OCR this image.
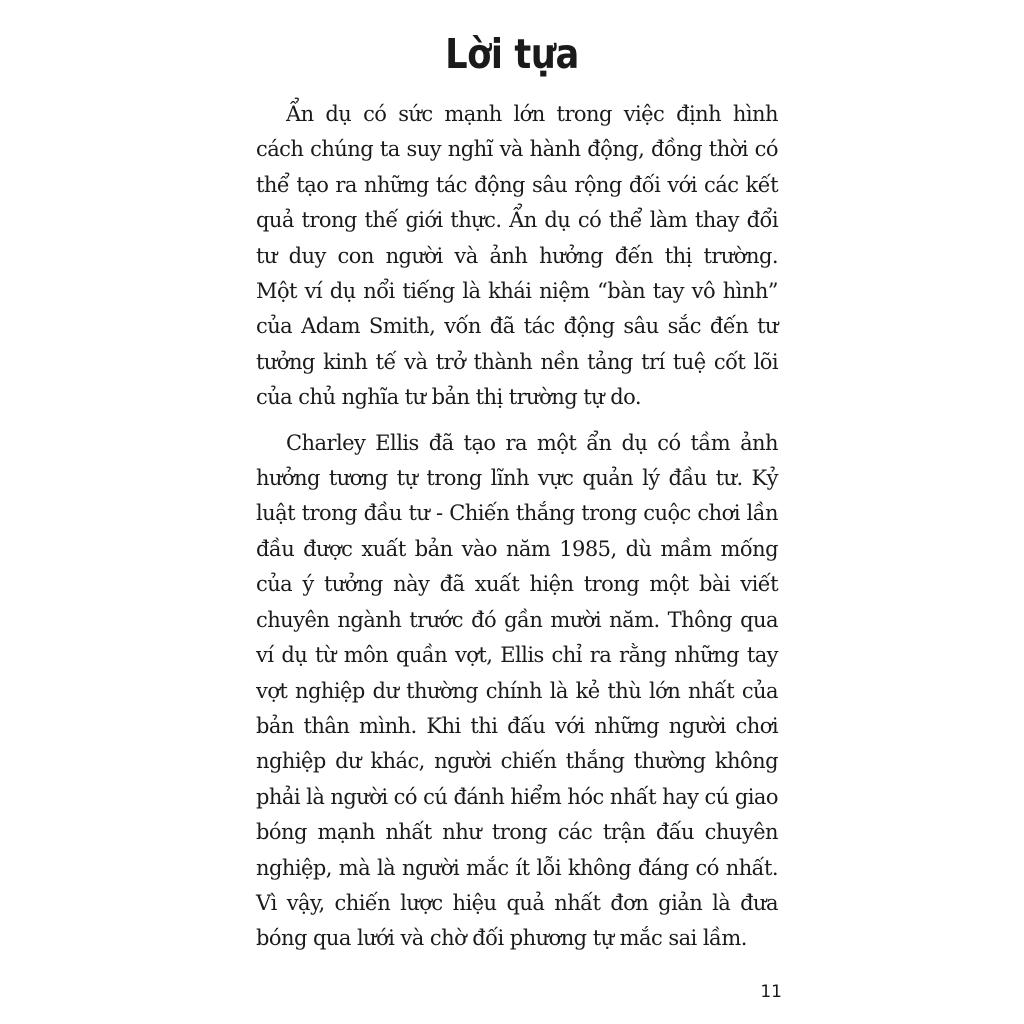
Lời tựa

Ẩn dụ có sức mạnh lớn trong việc định hình
cách chúng ta suy nghĩ và hành động, đồng thời có
thể tạo ra những tác động sâu rộng đối với các kết
quả trong thế giới thực. Ẩn dụ có thể làm thay đổi
tư duy con người và ảnh hưởng đến thị trường.
Một ví dụ nổi tiếng là khái niệm “bàn tay vô hình”
của Adam Smith, vốn đã tác động sâu sắc đến tư
tưởng kinh tế và trở thành nền tảng trí tuệ cốt lõi
của chủ nghĩa tư bản thị trường tự do.

Charley Ellis đã tạo ra một ẩn dụ có tầm ảnh
hưởng tương tự trong lĩnh vực quản lý đầu tư. Kỷ
luật trong đầu tư - Chiến thắng trong cuộc chơi lần
đầu được xuất bản vào năm 1985, dù mầm mống
của ý tưởng này đã xuất hiện trong một bài viết
chuyên ngành trước đó gần mười năm. Thông qua
ví dụ từ môn quần vợt, Ellis chỉ ra rằng những tay
vợt nghiệp dư thường chính là kẻ thù lớn nhất của
bản thân mình. Khi thi đấu với những người chơi
nghiệp dư khác, người chiến thắng thường không
phải là người có cú đánh hiểm hóc nhất hay cú giao
bóng mạnh nhất như trong các trận đấu chuyên
nghiệp, mà là người mắc ít lỗi không đáng có nhất.
Vì vậy, chiến lược hiệu quả nhất đơn giản là đưa
bóng qua lưới và chờ đối phương tự mắc sai lầm.

11
